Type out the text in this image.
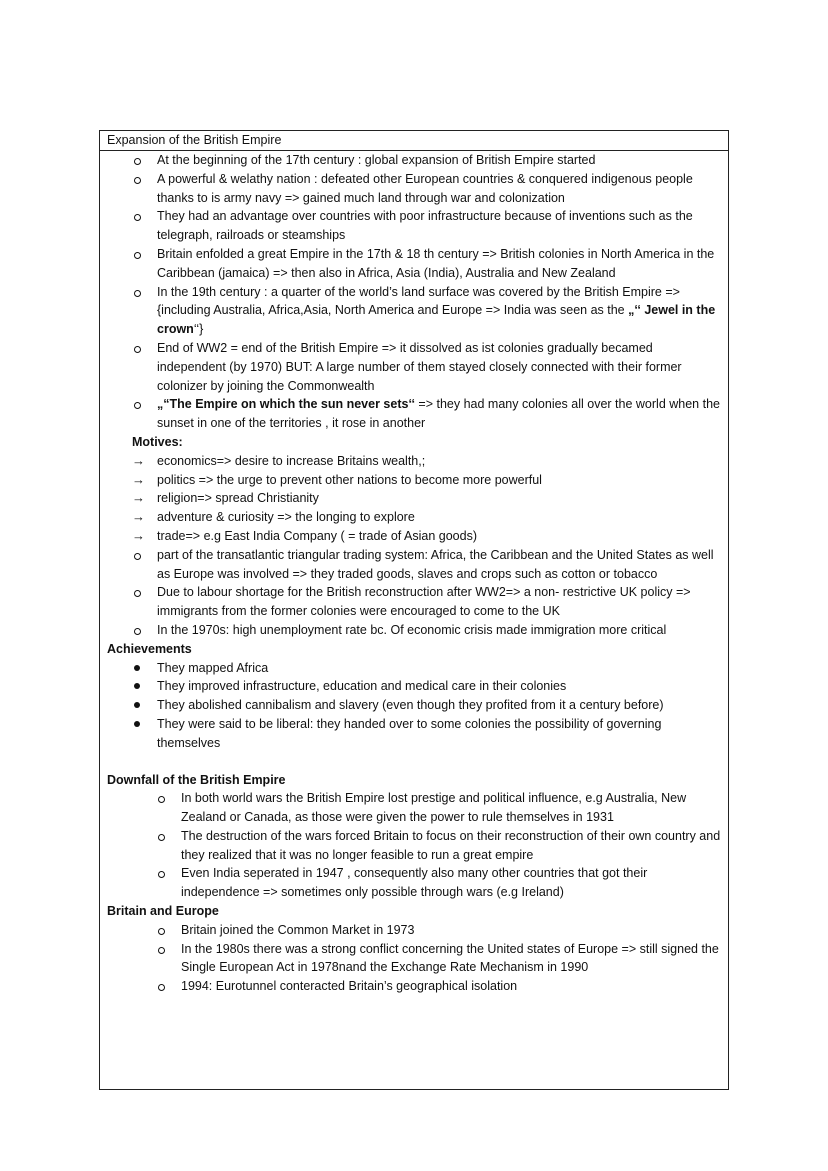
Expansion of the British Empire
At the beginning of the 17th century : global expansion of British Empire started
A powerful & welathy nation : defeated other European countries & conquered indigenous people thanks to is army navy => gained much land through war and colonization
They had an advantage over countries with poor infrastructure because of inventions such as the telegraph, railroads or steamships
Britain enfolded a great Empire in the 17th & 18 th century => British colonies in North America in the Caribbean (jamaica) => then also in Africa, Asia (India), Australia and New Zealand
In the 19th century : a quarter of the world’s land surface was covered by the British Empire => {including Australia, Africa,Asia, North America and Europe => India was seen as the „‘‘ Jewel in the crown‘‘}
End of WW2 = end of the British Empire => it dissolved as ist colonies gradually becamed independent (by 1970) BUT: A large number of them stayed closely connected with their former colonizer by joining the Commonwealth
„“The Empire on which the sun never sets‘‘ => they had many colonies all over the world when the sunset in one of the territories , it rose in another
Motives:
→ economics=> desire to increase Britains wealth,;
→ politics => the urge to prevent other nations to become more powerful
→ religion=> spread Christianity
→ adventure & curiosity => the longing to explore
→ trade=> e.g East India Company ( = trade of Asian goods)
part of the transatlantic triangular trading system: Africa, the Caribbean and the United States as well as Europe was involved => they traded goods, slaves and crops such as cotton or tobacco
Due to labour shortage for the British reconstruction after WW2=> a non- restrictive UK policy => immigrants from the former colonies were encouraged to come to the UK
In the 1970s: high unemployment rate bc. Of economic crisis made immigration more critical
Achievements
They mapped Africa
They improved infrastructure, education and medical care in their colonies
They abolished cannibalism and slavery (even though they profited from it a century before)
They were said to be liberal: they handed over to some colonies the possibility of governing themselves
Downfall of the British Empire
In both world wars the British Empire lost prestige and political influence, e.g Australia, New Zealand or Canada, as those were given the power to rule themselves in 1931
The destruction of the wars forced Britain to focus on their reconstruction of their own country and they realized that it was no longer feasible to run a great empire
Even India seperated in 1947 , consequently also many other countries that got their independence => sometimes only possible through wars (e.g Ireland)
Britain and Europe
Britain joined the Common Market in 1973
In the 1980s there was a strong conflict concerning the United states of Europe => still signed the Single European Act in 1978nand the Exchange Rate Mechanism in 1990
1994: Eurotunnel conteracted Britain’s geographical isolation
